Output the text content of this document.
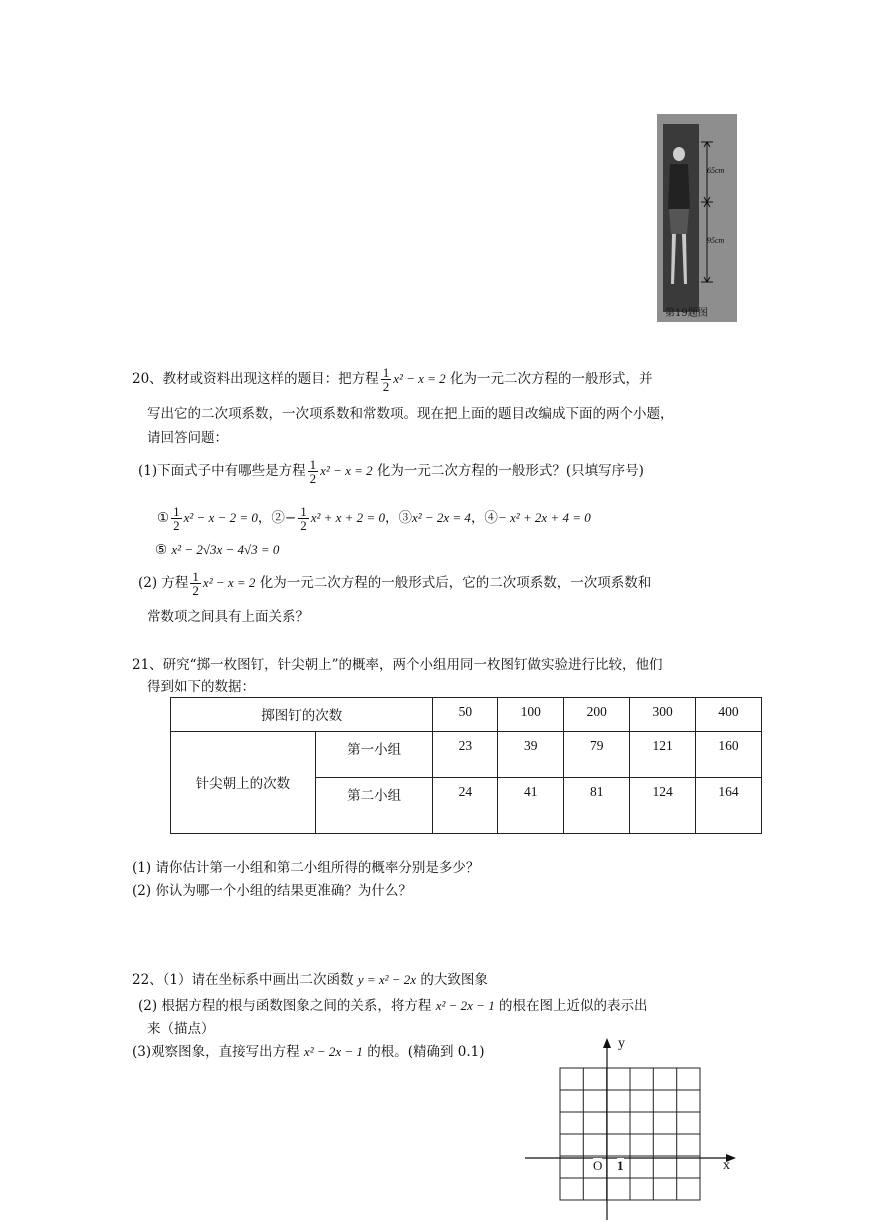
65cm
95cm
第19题图
20、教材或资料出现这样的题目：把方程 $\frac{1}{2} x^2 - x = 2$ 化为一元二次方程的一般形式，并
写出它的二次项系数，一次项系数和常数项。现在把上面的题目改编成下面的两个小题，
请回答问题：
(1)下面式子中有哪些是方程 $\frac{1}{2} x^2 - x = 2$ 化为一元二次方程的一般形式？(只填写序号)
① $\frac{1}{2} x^2 - x - 2 = 0$，②− $\frac{1}{2} x^2 + x + 2 = 0$，③x² − 2x = 4，④− x² + 2x + 4 = 0
⑤ x² − 2√3x − 4√3 = 0
(2) 方程 $\frac{1}{2} x^2 - x = 2$ 化为一元二次方程的一般形式后，它的二次项系数，一次项系数和
常数项之间具有上面关系？
21、研究“掷一枚图钉，针尖朝上”的概率，两个小组用同一枚图钉做实验进行比较，他们
得到如下的数据：
掷图钉的次数		50	100	200	300	400
针尖朝上的次数	第一小组	23	39	79	121	160
	第二小组	24	41	81	124	164
(1) 请你估计第一小组和第二小组所得的概率分别是多少？
(2) 你认为哪一个小组的结果更准确？为什么？
22、（1）请在坐标系中画出二次函数 y = x² − 2x 的大致图象
(2) 根据方程的根与函数图象之间的关系，将方程 x² − 2x − 1 的根在图上近似的表示出
来（描点）
(3)观察图象，直接写出方程 x² − 2x − 1 的根。(精确到 0.1)
y
x
O 1
